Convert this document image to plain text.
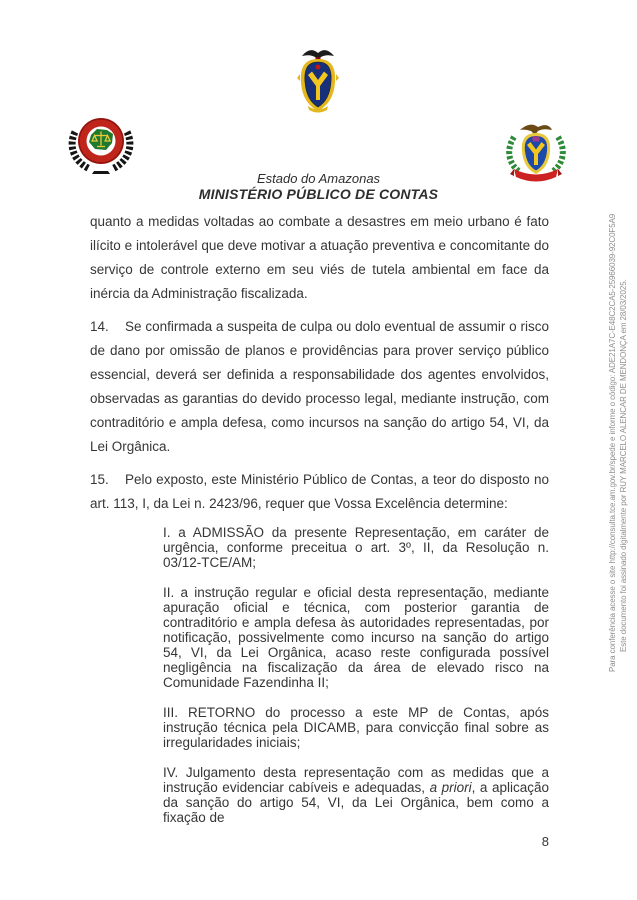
Estado do Amazonas
MINISTÉRIO PÚBLICO DE CONTAS

quanto a medidas voltadas ao combate a desastres em meio urbano é fato ilícito e intolerável que deve motivar a atuação preventiva e concomitante do serviço de controle externo em seu viés de tutela ambiental em face da inércia da Administração fiscalizada.

14. Se confirmada a suspeita de culpa ou dolo eventual de assumir o risco de dano por omissão de planos e providências para prover serviço público essencial, deverá ser definida a responsabilidade dos agentes envolvidos, observadas as garantias do devido processo legal, mediante instrução, com contraditório e ampla defesa, como incursos na sanção do artigo 54, VI, da Lei Orgânica.

15. Pelo exposto, este Ministério Público de Contas, a teor do disposto no art. 113, I, da Lei n. 2423/96, requer que Vossa Excelência determine:

I. a ADMISSÃO da presente Representação, em caráter de urgência, conforme preceitua o art. 3º, II, da Resolução n. 03/12-TCE/AM;

II. a instrução regular e oficial desta representação, mediante apuração oficial e técnica, com posterior garantia de contraditório e ampla defesa às autoridades representadas, por notificação, possivelmente como incurso na sanção do artigo 54, VI, da Lei Orgânica, acaso reste configurada possível negligência na fiscalização da área de elevado risco na Comunidade Fazendinha II;

III. RETORNO do processo a este MP de Contas, após instrução técnica pela DICAMB, para convicção final sobre as irregularidades iniciais;

IV. Julgamento desta representação com as medidas que a instrução evidenciar cabíveis e adequadas, a priori, a aplicação da sanção do artigo 54, VI, da Lei Orgânica, bem como a fixação de

Este documento foi assinado digitalmente por RUY MARCELO ALENCAR DE MENDONÇA em 28/03/2025.
Para conferência acesse o site http://consulta.tce.am.gov.br/spede e informe o código: ADE21A7C-E48C2CA5-25966039-92C0F5A9
8
